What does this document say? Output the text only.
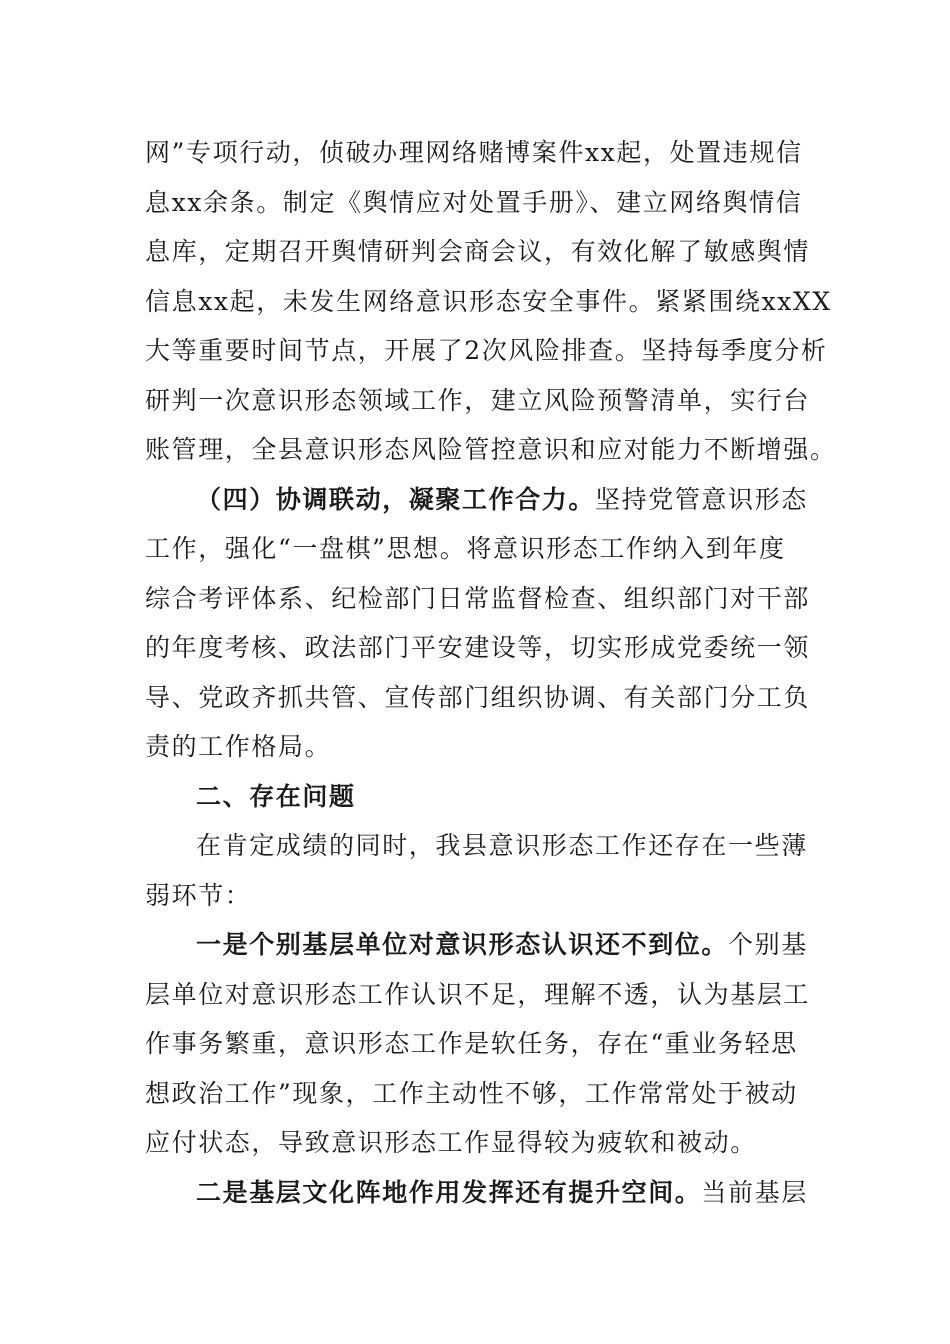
网”专项行动，侦破办理网络赌博案件xx起，处置违规信
息xx余条。制定《舆情应对处置手册》、建立网络舆情信
息库，定期召开舆情研判会商会议，有效化解了敏感舆情
信息xx起，未发生网络意识形态安全事件。紧紧围绕xxXX
大等重要时间节点，开展了2次风险排查。坚持每季度分析
研判一次意识形态领域工作，建立风险预警清单，实行台
账管理，全县意识形态风险管控意识和应对能力不断增强。
（四）协调联动，凝聚工作合力。坚持党管意识形态
工作，强化“一盘棋”思想。将意识形态工作纳入到年度
综合考评体系、纪检部门日常监督检查、组织部门对干部
的年度考核、政法部门平安建设等，切实形成党委统一领
导、党政齐抓共管、宣传部门组织协调、有关部门分工负
责的工作格局。
二、存在问题
在肯定成绩的同时，我县意识形态工作还存在一些薄
弱环节：
一是个别基层单位对意识形态认识还不到位。个别基
层单位对意识形态工作认识不足，理解不透，认为基层工
作事务繁重，意识形态工作是软任务，存在“重业务轻思
想政治工作”现象，工作主动性不够，工作常常处于被动
应付状态，导致意识形态工作显得较为疲软和被动。
二是基层文化阵地作用发挥还有提升空间。当前基层
